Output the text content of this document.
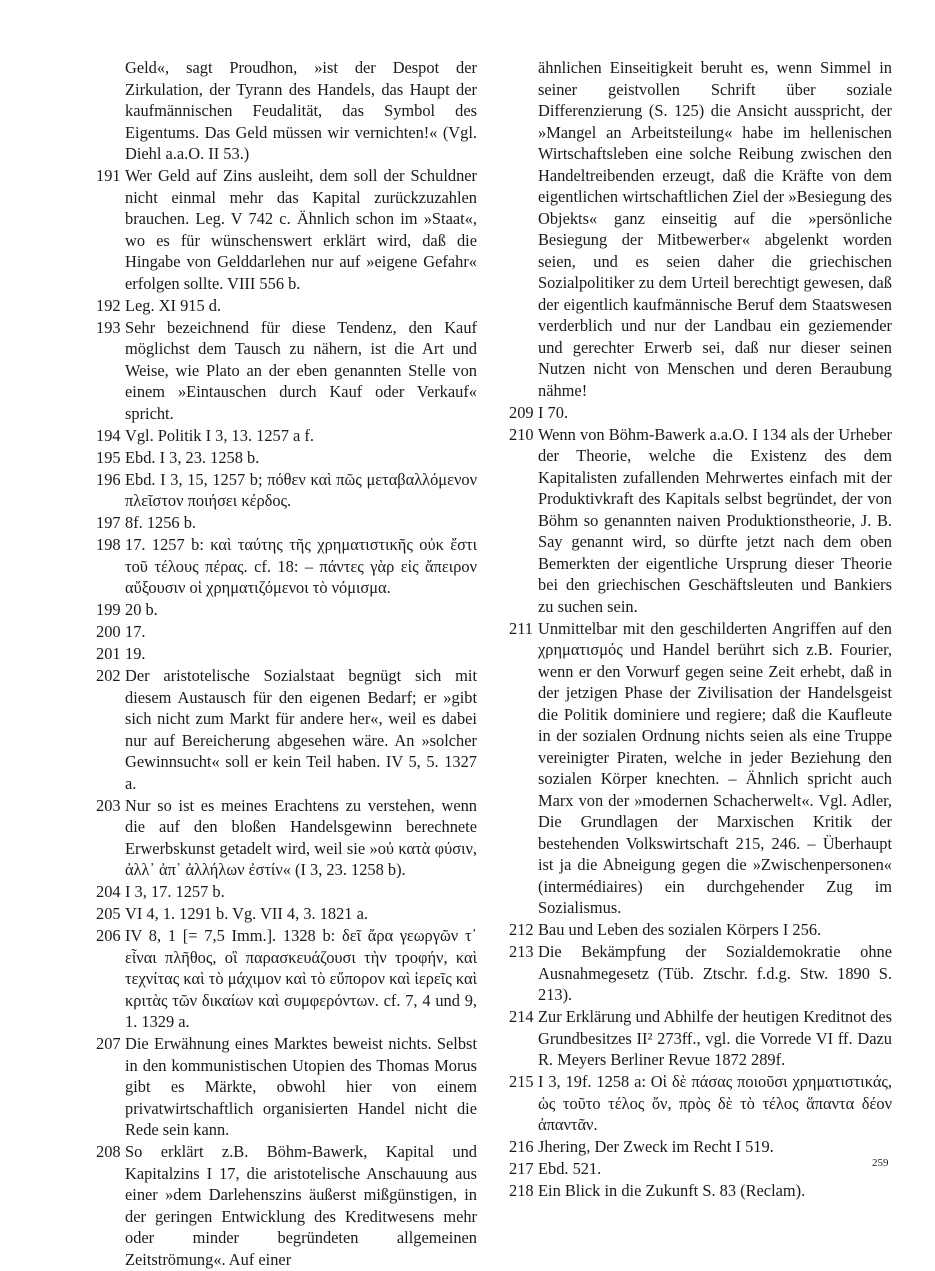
Geld«, sagt Proudhon, »ist der Despot der Zirkulation, der Tyrann des Handels, das Haupt der kaufmännischen Feudalität, das Symbol des Eigentums. Das Geld müssen wir vernichten!« (Vgl. Diehl a.a.O. II 53.)

191 Wer Geld auf Zins ausleiht, dem soll der Schuldner nicht einmal mehr das Kapital zurückzuzahlen brauchen. Leg. V 742 c. Ähnlich schon im »Staat«, wo es für wünschenswert erklärt wird, daß die Hingabe von Gelddarlehen nur auf »eigene Gefahr« erfolgen sollte. VIII 556 b.

192 Leg. XI 915 d.

193 Sehr bezeichnend für diese Tendenz, den Kauf möglichst dem Tausch zu nähern, ist die Art und Weise, wie Plato an der eben genannten Stelle von einem »Eintauschen durch Kauf oder Verkauf« spricht.

194 Vgl. Politik I 3, 13. 1257 a f.

195 Ebd. I 3, 23. 1258 b.

196 Ebd. I 3, 15, 1257 b; πόθεν καὶ πῶς μεταβαλλόμενον πλεῖστον ποιήσει κέρδος.

197 8f. 1256 b.

198 17. 1257 b: καὶ ταύτης τῆς χρηματιστικῆς οὐκ ἔστι τοῦ τέλους πέρας. cf. 18: – πάντες γὰρ εἰς ἄπειρον αὔξουσιν οἱ χρηματιζόμενοι τὸ νόμισμα.

199 20 b.

200 17.

201 19.

202 Der aristotelische Sozialstaat begnügt sich mit diesem Austausch für den eigenen Bedarf; er »gibt sich nicht zum Markt für andere her«, weil es dabei nur auf Bereicherung abgesehen wäre. An »solcher Gewinnsucht« soll er kein Teil haben. IV 5, 5. 1327 a.

203 Nur so ist es meines Erachtens zu verstehen, wenn die auf den bloßen Handelsgewinn berechnete Erwerbskunst getadelt wird, weil sie »οὐ κατὰ φύσιν, ἀλλ᾽ ἀπ᾽ ἀλλήλων ἐστίν« (I 3, 23. 1258 b).

204 I 3, 17. 1257 b.

205 VI 4, 1. 1291 b. Vg. VII 4, 3. 1821 a.

206 IV 8, 1 [= 7,5 Imm.]. 1328 b: δεῖ ἄρα γεωργῶν τ᾽ εἶναι πλῆθος, οἳ παρασκευάζουσι τὴν τροφήν, καὶ τεχνίτας καὶ τὸ μάχιμον καὶ τὸ εὔπορον καὶ ἱερεῖς καὶ κριτὰς τῶν δικαίων καὶ συμφερόντων. cf. 7, 4 und 9, 1. 1329 a.

207 Die Erwähnung eines Marktes beweist nichts. Selbst in den kommunistischen Utopien des Thomas Morus gibt es Märkte, obwohl hier von einem privatwirtschaftlich organisierten Handel nicht die Rede sein kann.

208 So erklärt z.B. Böhm-Bawerk, Kapital und Kapitalzins I 17, die aristotelische Anschauung aus einer »dem Darlehenszins äußerst mißgünstigen, in der geringen Entwicklung des Kreditwesens mehr oder minder begründeten allgemeinen Zeitströmung«. Auf einer

ähnlichen Einseitigkeit beruht es, wenn Simmel in seiner geistvollen Schrift über soziale Differenzierung (S. 125) die Ansicht ausspricht, der »Mangel an Arbeitsteilung« habe im hellenischen Wirtschaftsleben eine solche Reibung zwischen den Handeltreibenden erzeugt, daß die Kräfte von dem eigentlichen wirtschaftlichen Ziel der »Besiegung des Objekts« ganz einseitig auf die »persönliche Besiegung der Mitbewerber« abgelenkt worden seien, und es seien daher die griechischen Sozialpolitiker zu dem Urteil berechtigt gewesen, daß der eigentlich kaufmännische Beruf dem Staatswesen verderblich und nur der Landbau ein geziemender und gerechter Erwerb sei, daß nur dieser seinen Nutzen nicht von Menschen und deren Beraubung nähme!

209 I 70.

210 Wenn von Böhm-Bawerk a.a.O. I 134 als der Urheber der Theorie, welche die Existenz des dem Kapitalisten zufallenden Mehrwertes einfach mit der Produktivkraft des Kapitals selbst begründet, der von Böhm so genannten naiven Produktionstheorie, J. B. Say genannt wird, so dürfte jetzt nach dem oben Bemerkten der eigentliche Ursprung dieser Theorie bei den griechischen Geschäftsleuten und Bankiers zu suchen sein.

211 Unmittelbar mit den geschilderten Angriffen auf den χρηματισμός und Handel berührt sich z.B. Fourier, wenn er den Vorwurf gegen seine Zeit erhebt, daß in der jetzigen Phase der Zivilisation der Handelsgeist die Politik dominiere und regiere; daß die Kaufleute in der sozialen Ordnung nichts seien als eine Truppe vereinigter Piraten, welche in jeder Beziehung den sozialen Körper knechten. – Ähnlich spricht auch Marx von der »modernen Schacherwelt«. Vgl. Adler, Die Grundlagen der Marxischen Kritik der bestehenden Volkswirtschaft 215, 246. – Überhaupt ist ja die Abneigung gegen die »Zwischenpersonen« (intermédiaires) ein durchgehender Zug im Sozialismus.

212 Bau und Leben des sozialen Körpers I 256.

213 Die Bekämpfung der Sozialdemokratie ohne Ausnahmegesetz (Tüb. Ztschr. f.d.g. Stw. 1890 S. 213).

214 Zur Erklärung und Abhilfe der heutigen Kreditnot des Grundbesitzes II² 273ff., vgl. die Vorrede VI ff. Dazu R. Meyers Berliner Revue 1872 289f.

215 I 3, 19f. 1258 a: Οἱ δὲ πάσας ποιοῦσι χρηματιστικάς, ὡς τοῦτο τέλος ὄν, πρὸς δὲ τὸ τέλος ἅπαντα δέον ἀπαντᾶν.

216 Jhering, Der Zweck im Recht I 519.

217 Ebd. 521.

218 Ein Blick in die Zukunft S. 83 (Reclam).

259
